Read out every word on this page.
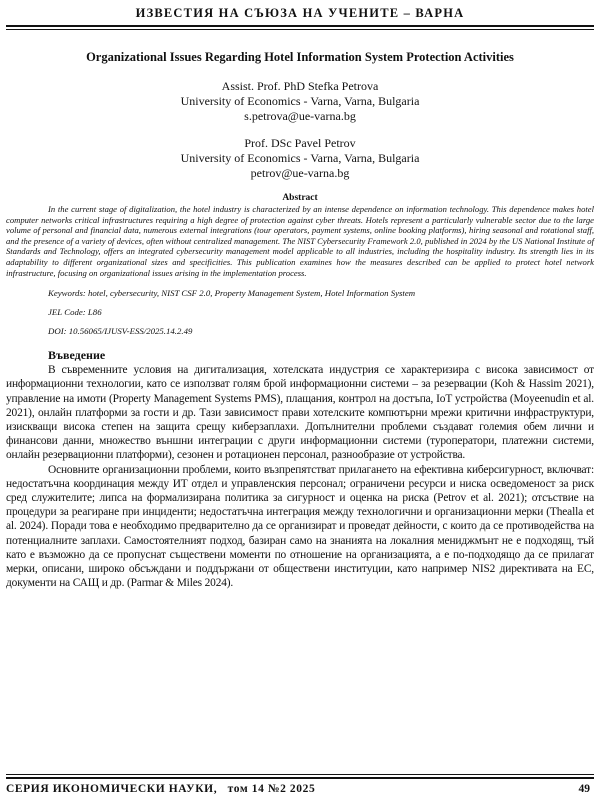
ИЗВЕСТИЯ НА СЪЮЗА НА УЧЕНИТЕ – ВАРНА
Organizational Issues Regarding Hotel Information System Protection Activities
Assist. Prof. PhD Stefka Petrova
University of Economics - Varna, Varna, Bulgaria
s.petrova@ue-varna.bg
Prof. DSc Pavel Petrov
University of Economics - Varna, Varna, Bulgaria
petrov@ue-varna.bg
Abstract

In the current stage of digitalization, the hotel industry is characterized by an intense dependence on information technology. This dependence makes hotel computer networks critical infrastructures requiring a high degree of protection against cyber threats. Hotels represent a particularly vulnerable sector due to the large volume of personal and financial data, numerous external integrations (tour operators, payment systems, online booking platforms), hiring seasonal and rotational staff, and the presence of a variety of devices, often without centralized management. The NIST Cybersecurity Framework 2.0, published in 2024 by the US National Institute of Standards and Technology, offers an integrated cybersecurity management model applicable to all industries, including the hospitality industry. Its strength lies in its adaptability to different organizational sizes and specificities. This publication examines how the measures described can be applied to protect hotel network infrastructure, focusing on organizational issues arising in the implementation process.

Keywords: hotel, cybersecurity, NIST CSF 2.0, Property Management System, Hotel Information System
JEL Code: L86
DOI: 10.56065/IJUSV-ESS/2025.14.2.49
Въведение

В съвременните условия на дигитализация, хотелската индустрия се характеризира с висока зависимост от информационни технологии, като се използват голям брой информационни системи – за резервации (Koh & Hassim 2021), управление на имоти (Property Management Systems PMS), плащания, контрол на достъпа, IoT устройства (Moyeenudin et al. 2021), онлайн платформи за гости и др. Тази зависимост прави хотелските компютърни мрежи критични инфраструктури, изискващи висока степен на защита срещу киберзаплахи. Допълнителни проблеми създават големия обем лични и финансови данни, множество външни интеграции с други информационни системи (туроператори, платежни системи, онлайн резервационни платформи), сезонен и ротационен персонал, разнообразие от устройства.

Основните организационни проблеми, които възпрепятстват прилагането на ефективна киберсигурност, включват: недостатъчна координация между ИТ отдел и управленския персонал; ограничени ресурси и ниска осведоменост за риск сред служителите; липса на формализирана политика за сигурност и оценка на риска (Petrov et al. 2021); отсъствие на процедури за реагиране при инциденти; недостатъчна интеграция между технологични и организационни мерки (Thealla et al. 2024). Поради това е необходимо предварително да се организират и проведат дейности, с които да се противодейства на потенциалните заплахи. Самостоятелният подход, базиран само на знанията на локалния мениджмънт не е подходящ, тъй като е възможно да се пропуснат съществени моменти по отношение на организацията, а е по-подходящо да се прилагат мерки, описани, широко обсъждани и поддържани от обществени институции, като например NIS2 директивата на ЕС, документи на САЩ и др. (Parmar & Miles 2024).

СЕРИЯ ИКОНОМИЧЕСКИ НАУКИ, том 14 №2 2025	49
